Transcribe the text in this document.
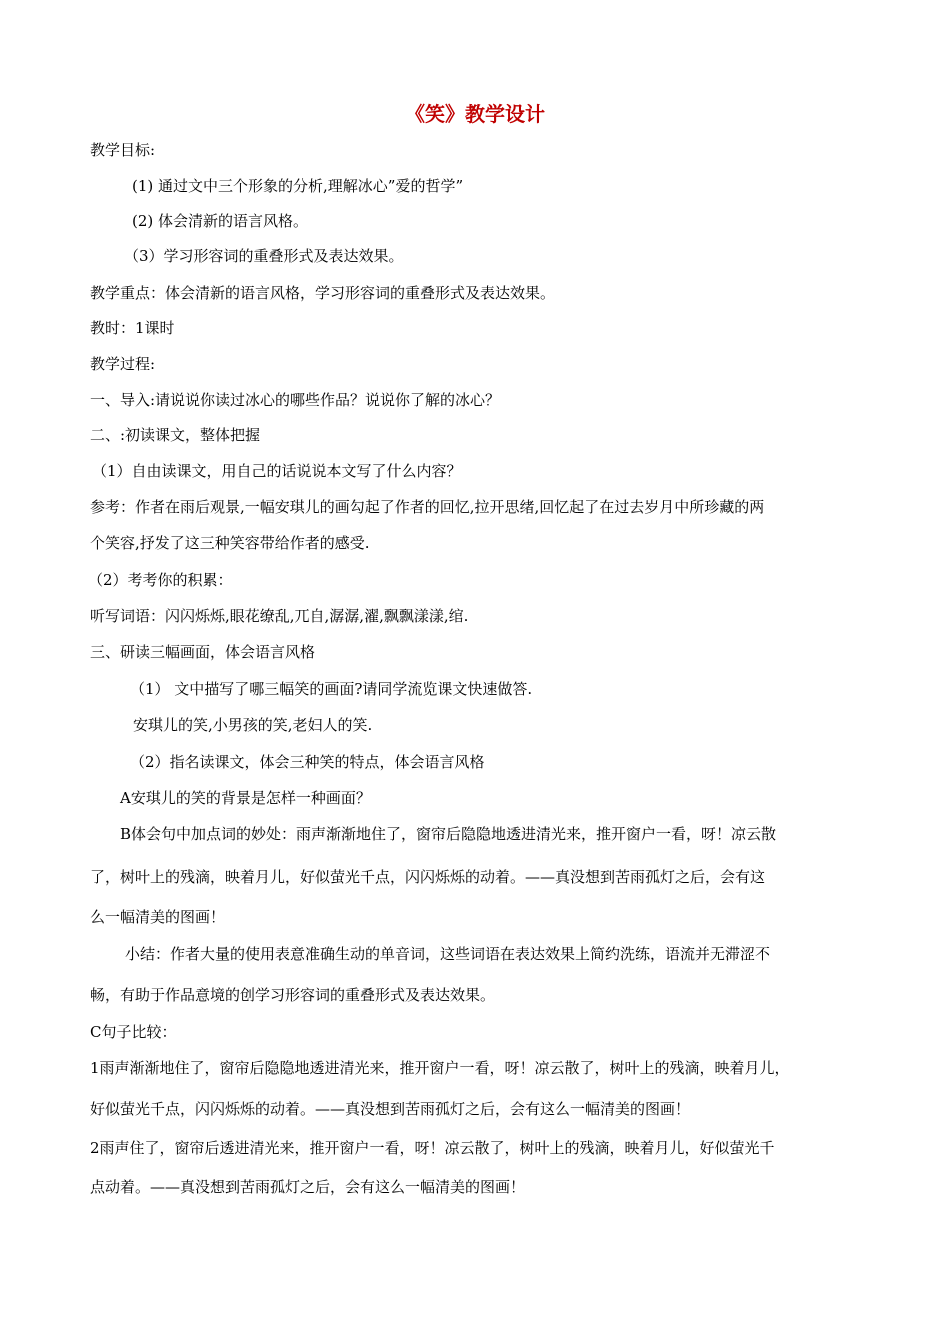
《笑》教学设计
教学目标:
(1) 通过文中三个形象的分析,理解冰心”爱的哲学”
(2) 体会清新的语言风格。
（3）学习形容词的重叠形式及表达效果。
教学重点：体会清新的语言风格，学习形容词的重叠形式及表达效果。
教时：1课时
教学过程:
一、导入:请说说你读过冰心的哪些作品？说说你了解的冰心？
二、:初读课文，整体把握
（1）自由读课文，用自己的话说说本文写了什么内容？
参考：作者在雨后观景,一幅安琪儿的画勾起了作者的回忆,拉开思绪,回忆起了在过去岁月中所珍藏的两
个笑容,抒发了这三种笑容带给作者的感受.
（2）考考你的积累：
听写词语：闪闪烁烁,眼花缭乱,兀自,潺潺,濯,飘飘漾漾,绾.
三、研读三幅画面，体会语言风格
（1） 文中描写了哪三幅笑的画面?请同学流览课文快速做答.
安琪儿的笑,小男孩的笑,老妇人的笑.
（2）指名读课文，体会三种笑的特点，体会语言风格
A安琪儿的笑的背景是怎样一种画面？
B体会句中加点词的妙处：雨声渐渐地住了，窗帘后隐隐地透进清光来，推开窗户一看，呀！凉云散
了，树叶上的残滴，映着月儿，好似萤光千点，闪闪烁烁的动着。——真没想到苦雨孤灯之后，会有这
么一幅清美的图画！
小结：作者大量的使用表意准确生动的单音词，这些词语在表达效果上简约洗练，语流并无滞涩不
畅，有助于作品意境的创学习形容词的重叠形式及表达效果。
C句子比较：
1雨声渐渐地住了，窗帘后隐隐地透进清光来，推开窗户一看，呀！凉云散了，树叶上的残滴，映着月儿，
好似萤光千点，闪闪烁烁的动着。——真没想到苦雨孤灯之后，会有这么一幅清美的图画！
2雨声住了，窗帘后透进清光来，推开窗户一看，呀！凉云散了，树叶上的残滴，映着月儿，好似萤光千
点动着。——真没想到苦雨孤灯之后，会有这么一幅清美的图画！
